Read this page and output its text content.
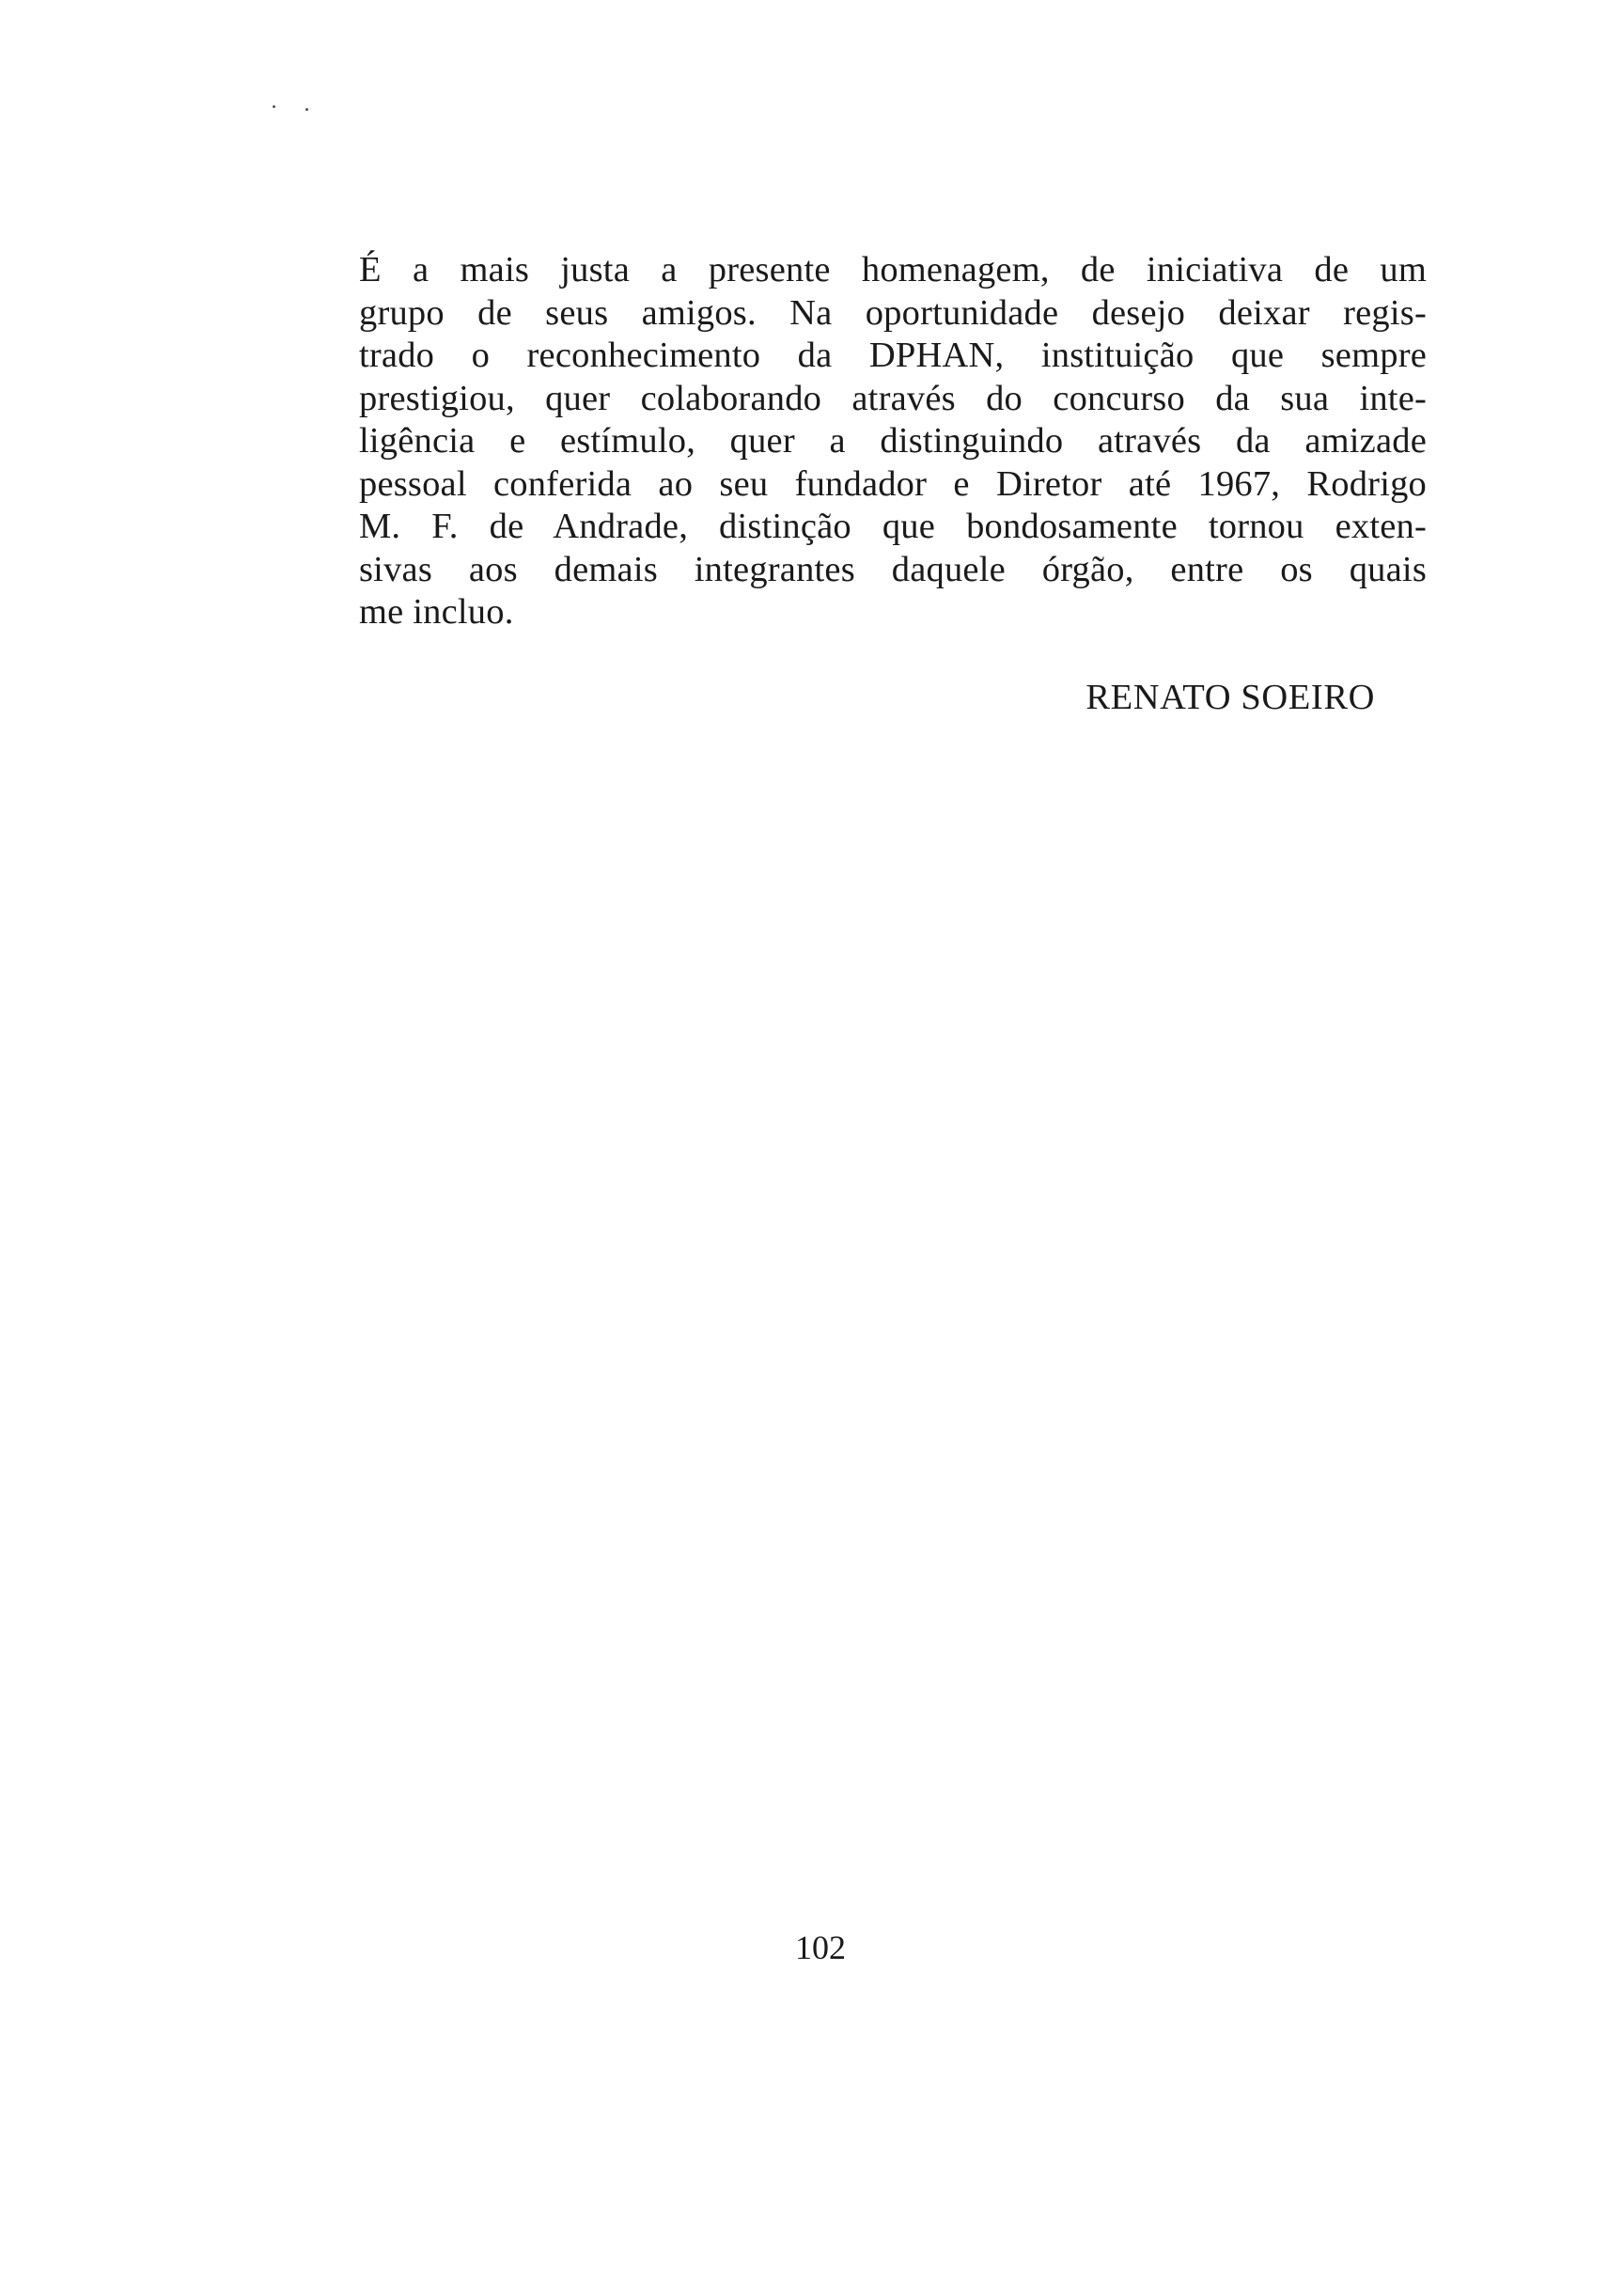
É a mais justa a presente homenagem, de iniciativa de um
grupo de seus amigos. Na oportunidade desejo deixar regis-
trado o reconhecimento da DPHAN, instituição que sempre
prestigiou, quer colaborando através do concurso da sua inte-
ligência e estímulo, quer a distinguindo através da amizade
pessoal conferida ao seu fundador e Diretor até 1967, Rodrigo
M. F. de Andrade, distinção que bondosamente tornou exten-
sivas aos demais integrantes daquele órgão, entre os quais
me incluo.

RENATO SOEIRO

102
